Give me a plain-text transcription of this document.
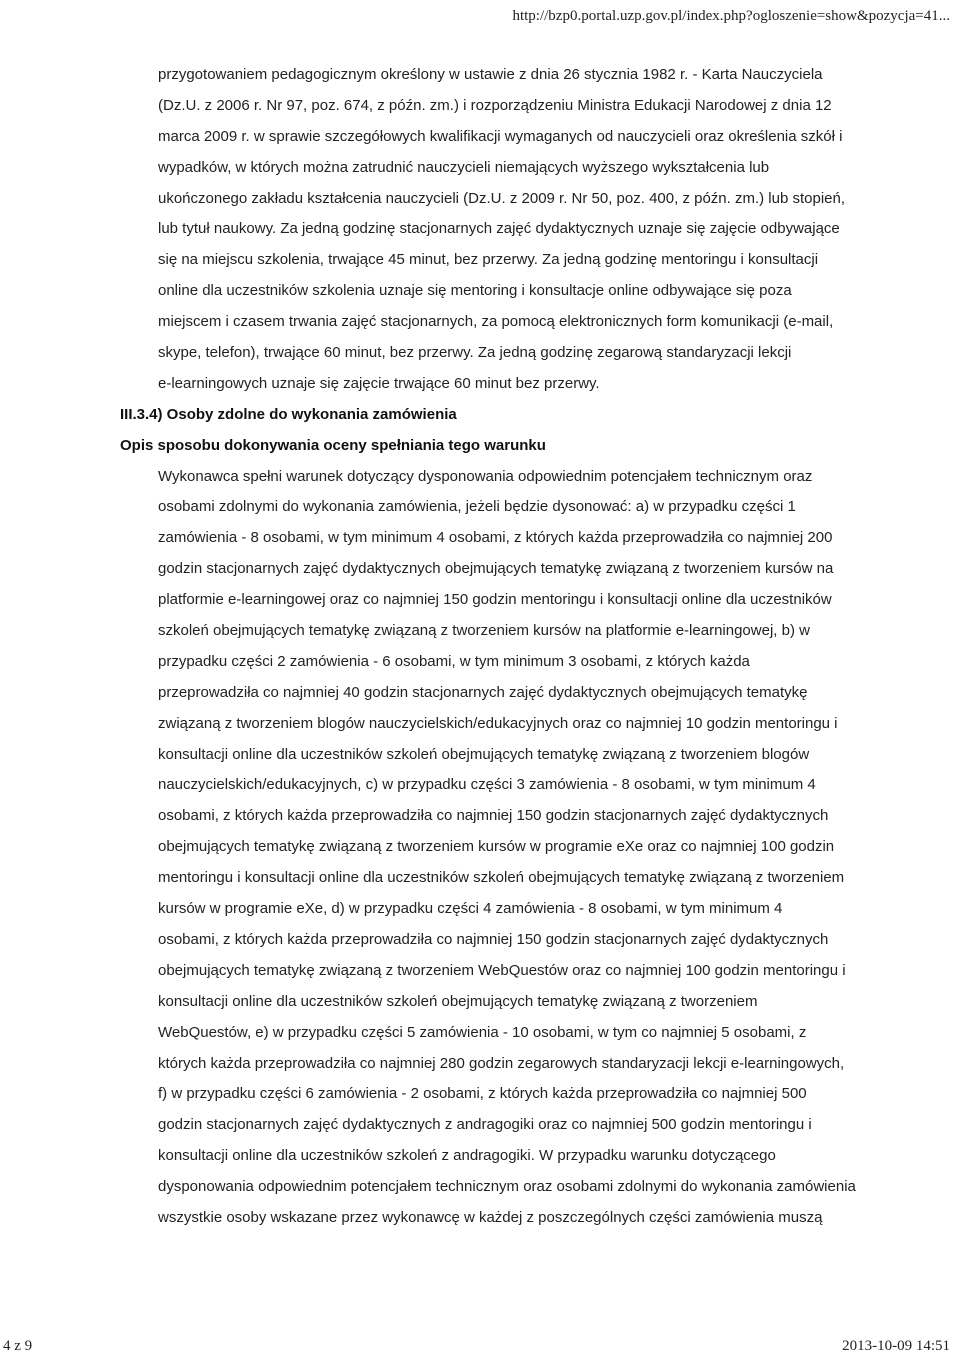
http://bzp0.portal.uzp.gov.pl/index.php?ogloszenie=show&pozycja=41...
przygotowaniem pedagogicznym określony w ustawie z dnia 26 stycznia 1982 r. - Karta Nauczyciela
(Dz.U. z 2006 r. Nr 97, poz. 674, z późn. zm.) i rozporządzeniu Ministra Edukacji Narodowej z dnia 12
marca 2009 r. w sprawie szczegółowych kwalifikacji wymaganych od nauczycieli oraz określenia szkół i
wypadków, w których można zatrudnić nauczycieli niemających wyższego wykształcenia lub
ukończonego zakładu kształcenia nauczycieli (Dz.U. z 2009 r. Nr 50, poz. 400, z późn. zm.) lub stopień,
lub tytuł naukowy. Za jedną godzinę stacjonarnych zajęć dydaktycznych uznaje się zajęcie odbywające
się na miejscu szkolenia, trwające 45 minut, bez przerwy. Za jedną godzinę mentoringu i konsultacji
online dla uczestników szkolenia uznaje się mentoring i konsultacje online odbywające się poza
miejscem i czasem trwania zajęć stacjonarnych, za pomocą elektronicznych form komunikacji (e-mail,
skype, telefon), trwające 60 minut, bez przerwy. Za jedną godzinę zegarową standaryzacji lekcji
e-learningowych uznaje się zajęcie trwające 60 minut bez przerwy.
III.3.4) Osoby zdolne do wykonania zamówienia
Opis sposobu dokonywania oceny spełniania tego warunku
Wykonawca spełni warunek dotyczący dysponowania odpowiednim potencjałem technicznym oraz
osobami zdolnymi do wykonania zamówienia, jeżeli będzie dysonować: a) w przypadku części 1
zamówienia - 8 osobami, w tym minimum 4 osobami, z których każda przeprowadziła co najmniej 200
godzin stacjonarnych zajęć dydaktycznych obejmujących tematykę związaną z tworzeniem kursów na
platformie e-learningowej oraz co najmniej 150 godzin mentoringu i konsultacji online dla uczestników
szkoleń obejmujących tematykę związaną z tworzeniem kursów na platformie e-learningowej, b) w
przypadku części 2 zamówienia - 6 osobami, w tym minimum 3 osobami, z których każda
przeprowadziła co najmniej 40 godzin stacjonarnych zajęć dydaktycznych obejmujących tematykę
związaną z tworzeniem blogów nauczycielskich/edukacyjnych oraz co najmniej 10 godzin mentoringu i
konsultacji online dla uczestników szkoleń obejmujących tematykę związaną z tworzeniem blogów
nauczycielskich/edukacyjnych, c) w przypadku części 3 zamówienia - 8 osobami, w tym minimum 4
osobami, z których każda przeprowadziła co najmniej 150 godzin stacjonarnych zajęć dydaktycznych
obejmujących tematykę związaną z tworzeniem kursów w programie eXe oraz co najmniej 100 godzin
mentoringu i konsultacji online dla uczestników szkoleń obejmujących tematykę związaną z tworzeniem
kursów w programie eXe, d) w przypadku części 4 zamówienia - 8 osobami, w tym minimum 4
osobami, z których każda przeprowadziła co najmniej 150 godzin stacjonarnych zajęć dydaktycznych
obejmujących tematykę związaną z tworzeniem WebQuestów oraz co najmniej 100 godzin mentoringu i
konsultacji online dla uczestników szkoleń obejmujących tematykę związaną z tworzeniem
WebQuestów, e) w przypadku części 5 zamówienia - 10 osobami, w tym co najmniej 5 osobami, z
których każda przeprowadziła co najmniej 280 godzin zegarowych standaryzacji lekcji e-learningowych,
f) w przypadku części 6 zamówienia - 2 osobami, z których każda przeprowadziła co najmniej 500
godzin stacjonarnych zajęć dydaktycznych z andragogiki oraz co najmniej 500 godzin mentoringu i
konsultacji online dla uczestników szkoleń z andragogiki. W przypadku warunku dotyczącego
dysponowania odpowiednim potencjałem technicznym oraz osobami zdolnymi do wykonania zamówienia
wszystkie osoby wskazane przez wykonawcę w każdej z poszczególnych części zamówienia muszą
4 z 9	2013-10-09 14:51
